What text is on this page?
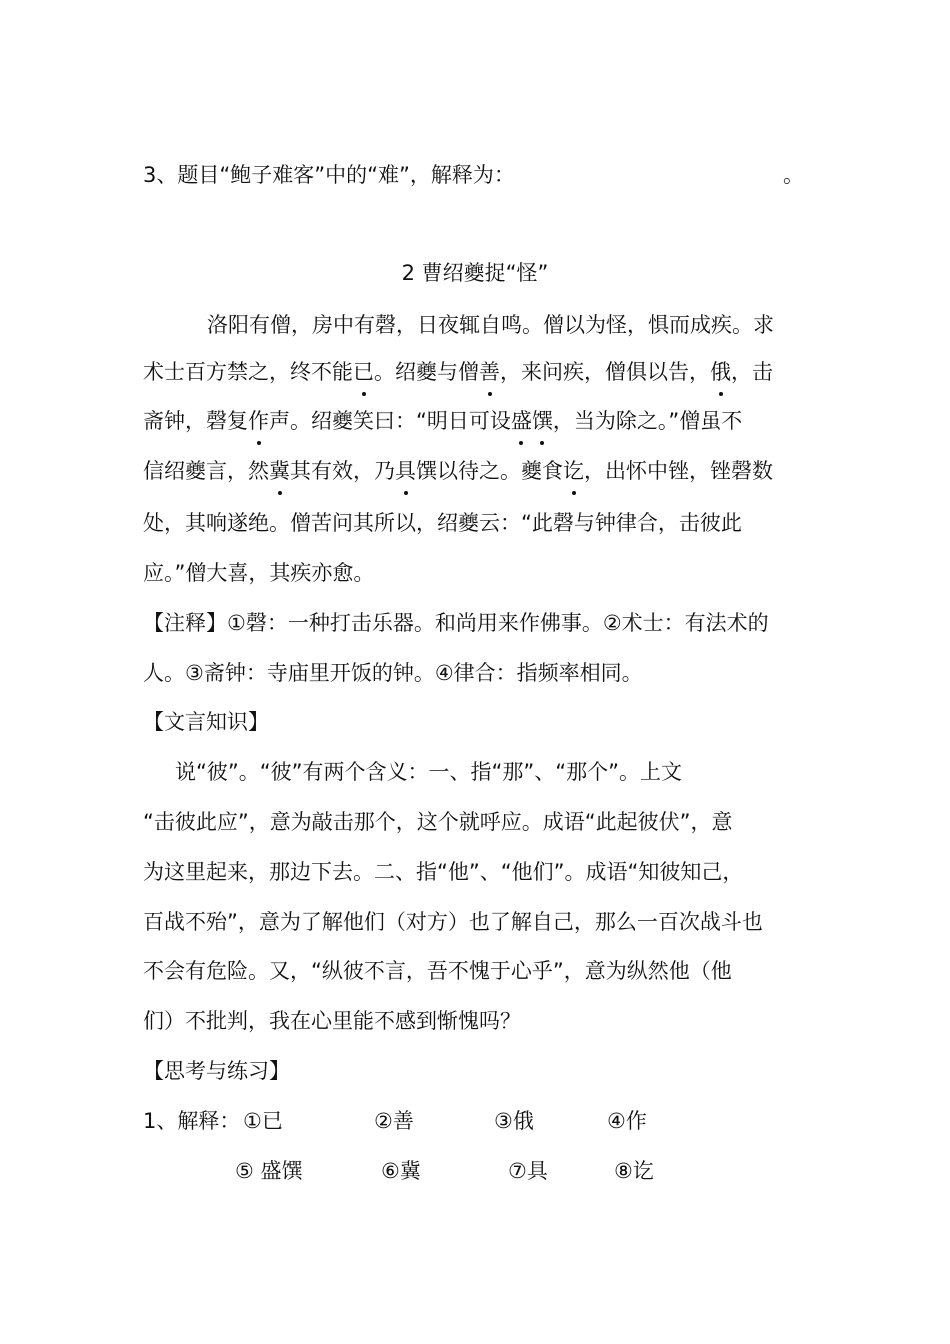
3、题目“鲍子难客”中的“难”，解释为：	。
2 曹绍夔捉“怪”
洛阳有僧，房中有磬，日夜辄自鸣。僧以为怪，惧而成疾。求
术士百方禁之，终不能已。绍夔与僧善，来问疾，僧俱以告，俄，击
斋钟，磬复作声。绍夔笑曰：“明日可设盛馔，当为除之。”僧虽不
信绍夔言，然冀其有效，乃具馔以待之。夔食讫，出怀中锉，锉磬数
处，其响遂绝。僧苦问其所以，绍夔云：“此磬与钟律合，击彼此
应。”僧大喜，其疾亦愈。
【注释】①磬：一种打击乐器。和尚用来作佛事。②术士：有法术的
人。③斋钟：寺庙里开饭的钟。④律合：指频率相同。
【文言知识】
说“彼”。“彼”有两个含义：一、指“那”、“那个”。上文
“击彼此应”，意为敲击那个，这个就呼应。成语“此起彼伏”，意
为这里起来，那边下去。二、指“他”、“他们”。成语“知彼知己，
百战不殆”，意为了解他们（对方）也了解自己，那么一百次战斗也
不会有危险。又，“纵彼不言，吾不愧于心乎”，意为纵然他（他
们）不批判，我在心里能不感到惭愧吗？
【思考与练习】
1、解释： ①已	②善	③俄	④作
⑤ 盛馔	⑥冀	⑦具	⑧讫
